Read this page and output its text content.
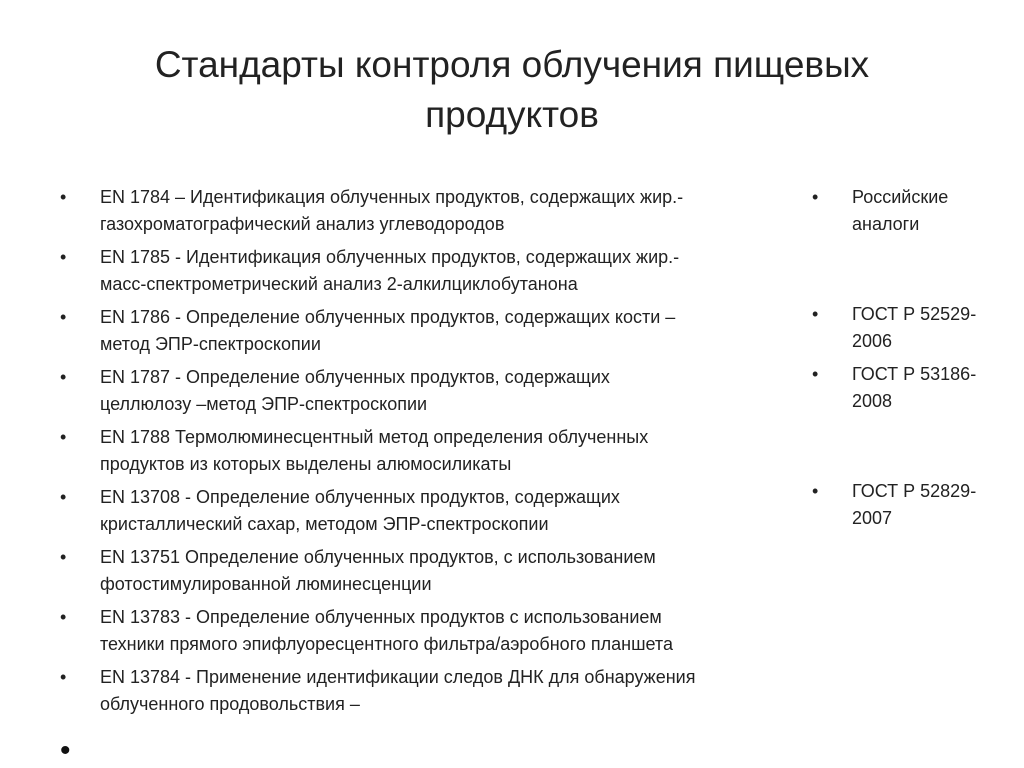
Стандарты контроля облучения пищевых
продуктов
•	EN 1784 – Идентификация облученных продуктов, содержащих жир.-
газохроматографический анализ углеводородов
•	EN 1785 - Идентификация облученных продуктов, содержащих жир.-
масс-спектрометрический анализ 2-алкилциклобутанона
•	EN 1786 - Определение облученных продуктов, содержащих кости –
метод ЭПР-спектроскопии
•	EN 1787 - Определение облученных продуктов, содержащих
целлюлозу –метод ЭПР-спектроскопии
•	EN 1788 Термолюминесцентный метод определения облученных
продуктов из которых выделены алюмосиликаты
•	EN 13708 - Определение облученных продуктов, содержащих
кристаллический сахар, методом ЭПР-спектроскопии
•	EN 13751 Определение облученных продуктов, с использованием
фотостимулированной люминесценции
•	EN 13783 - Определение облученных продуктов с использованием
техники прямого эпифлуоресцентного фильтра/аэробного планшета
•	EN 13784 - Применение идентификации следов ДНК для обнаружения
облученного продовольствия –
•
•	Российские
аналоги
•	ГОСТ Р 52529-
2006
•	ГОСТ Р 53186-
2008
•	ГОСТ Р 52829-
2007
